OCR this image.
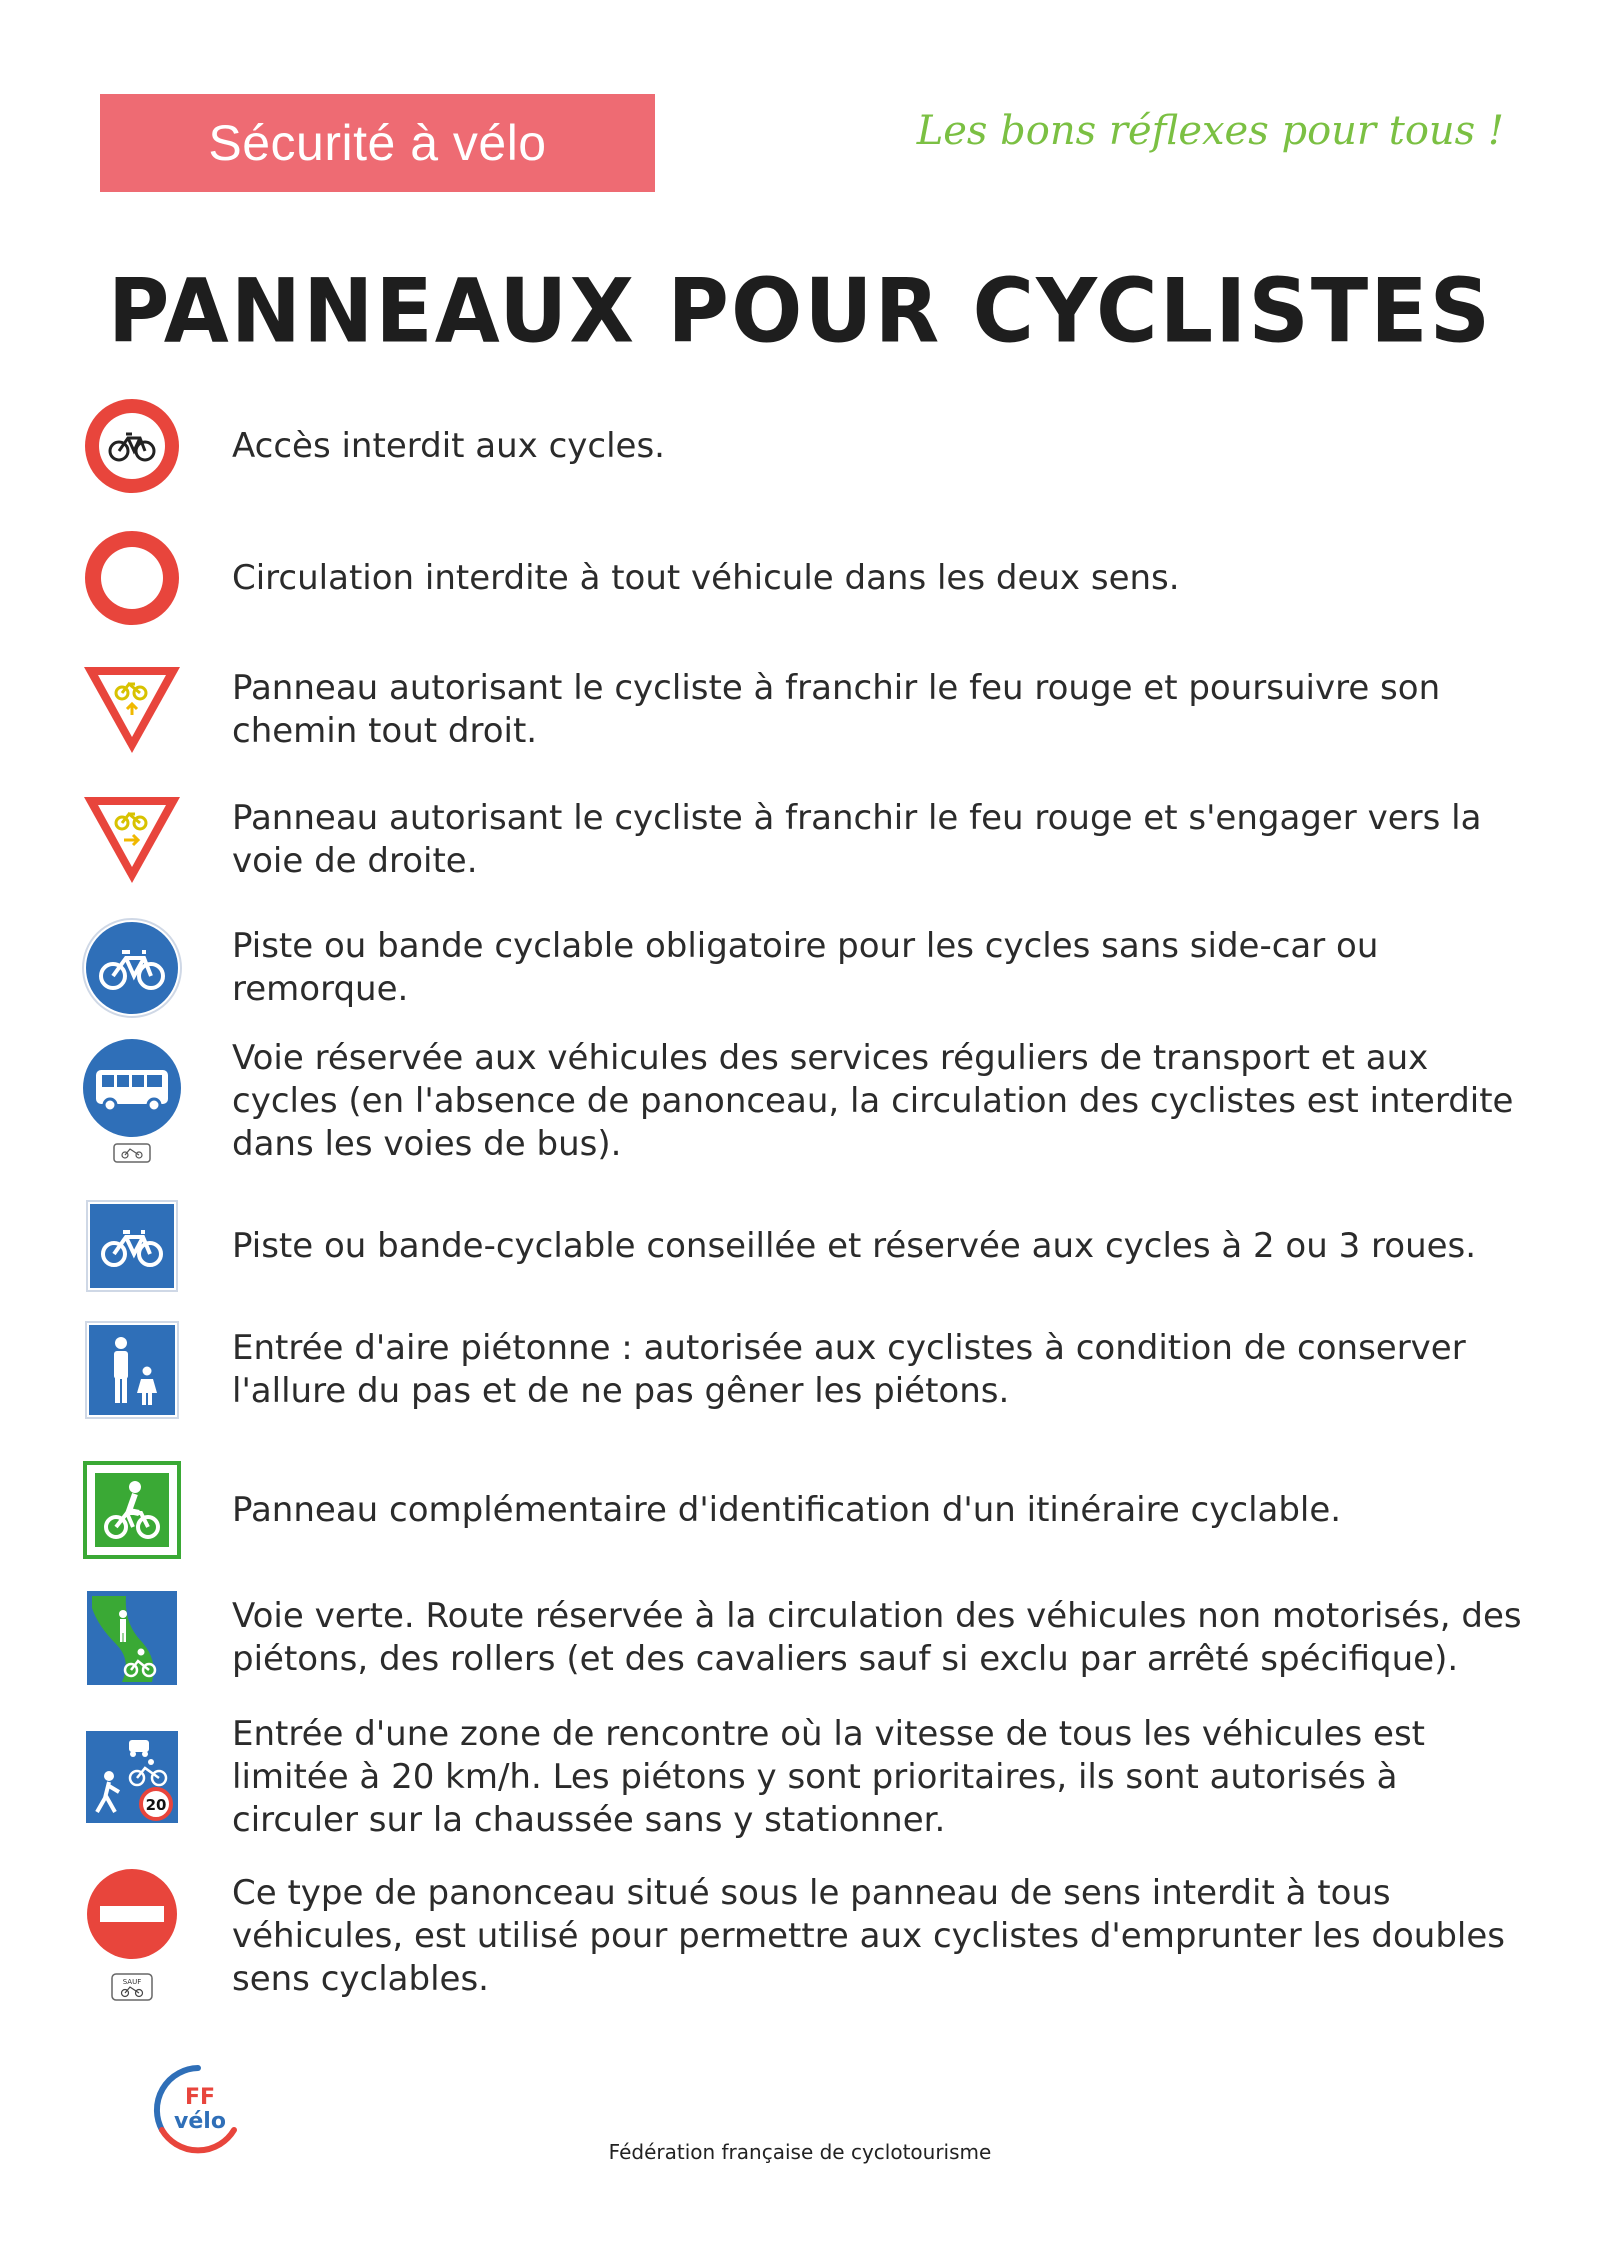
Sécurité à vélo	Les bons réflexes pour tous !
PANNEAUX POUR CYCLISTES
Accès interdit aux cycles.
Circulation interdite à tout véhicule dans les deux sens.
Panneau autorisant le cycliste à franchir le feu rouge et poursuivre son chemin tout droit.
Panneau autorisant le cycliste à franchir le feu rouge et s'engager vers la voie de droite.
Piste ou bande cyclable obligatoire pour les cycles sans side-car ou remorque.
Voie réservée aux véhicules des services réguliers de transport et aux cycles (en l'absence de panonceau, la circulation des cyclistes est interdite dans les voies de bus).
Piste ou bande-cyclable conseillée et réservée aux cycles à 2 ou 3 roues.
Entrée d'aire piétonne : autorisée aux cyclistes à condition de conserver l'allure du pas et de ne pas gêner les piétons.
Panneau complémentaire d'identification d'un itinéraire cyclable.
Voie verte. Route réservée à la circulation des véhicules non motorisés, des piétons, des rollers (et des cavaliers sauf si exclu par arrêté spécifique).
20
Entrée d'une zone de rencontre où la vitesse de tous les véhicules est limitée à 20 km/h. Les piétons y sont prioritaires, ils sont autorisés à circuler sur la chaussée sans y stationner.
SAUF
Ce type de panonceau situé sous le panneau de sens interdit à tous véhicules, est utilisé pour permettre aux cyclistes d'emprunter les doubles sens cyclables.
FF
vélo
Fédération française de cyclotourisme
